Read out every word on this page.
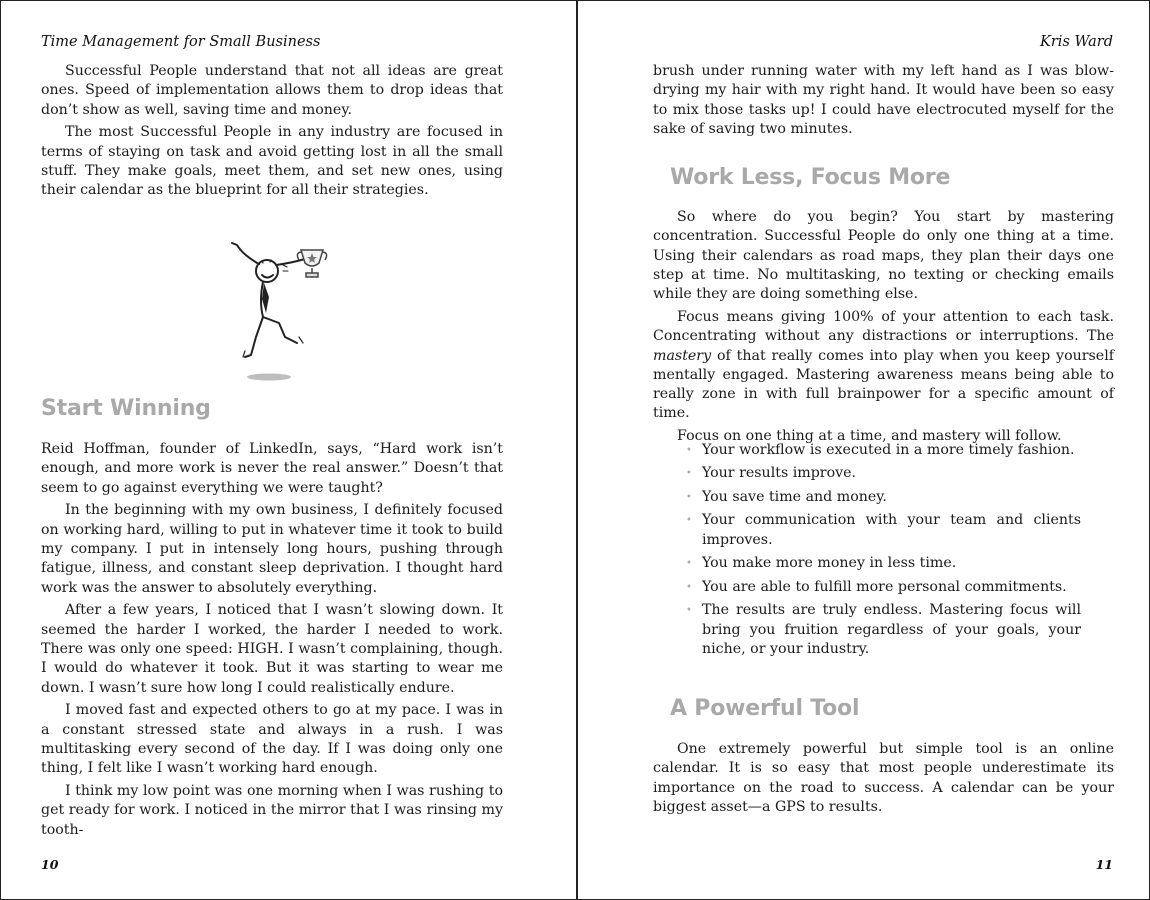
Time Management for Small Business

Successful People understand that not all ideas are great ones. Speed of implementation allows them to drop ideas that don’t show as well, saving time and money.

The most Successful People in any industry are focused in terms of staying on task and avoid getting lost in all the small stuff. They make goals, meet them, and set new ones, using their calendar as the blueprint for all their strategies.

Start Winning

Reid Hoffman, founder of LinkedIn, says, “Hard work isn’t enough, and more work is never the real answer.” Doesn’t that seem to go against everything we were taught?

In the beginning with my own business, I definitely focused on working hard, willing to put in whatever time it took to build my company. I put in intensely long hours, pushing through fatigue, illness, and constant sleep deprivation. I thought hard work was the answer to absolutely everything.

After a few years, I noticed that I wasn’t slowing down. It seemed the harder I worked, the harder I needed to work. There was only one speed: HIGH. I wasn’t complaining, though. I would do whatever it took. But it was starting to wear me down. I wasn’t sure how long I could realistically endure.

I moved fast and expected others to go at my pace. I was in a constant stressed state and always in a rush. I was multitasking every second of the day. If I was doing only one thing, I felt like I wasn’t working hard enough.

I think my low point was one morning when I was rushing to get ready for work. I noticed in the mirror that I was rinsing my tooth-

10
Kris Ward

brush under running water with my left hand as I was blow-drying my hair with my right hand. It would have been so easy to mix those tasks up! I could have electrocuted myself for the sake of saving two minutes.

Work Less, Focus More

So where do you begin? You start by mastering concentration. Successful People do only one thing at a time. Using their calendars as road maps, they plan their days one step at time. No multitasking, no texting or checking emails while they are doing something else.

Focus means giving 100% of your attention to each task. Concentrating without any distractions or interruptions. The mastery of that really comes into play when you keep yourself mentally engaged. Mastering awareness means being able to really zone in with full brainpower for a specific amount of time.

Focus on one thing at a time, and mastery will follow.

• Your workflow is executed in a more timely fashion.
• Your results improve.
• You save time and money.
• Your communication with your team and clients improves.
• You make more money in less time.
• You are able to fulfill more personal commitments.
• The results are truly endless. Mastering focus will bring you fruition regardless of your goals, your niche, or your industry.
A Powerful Tool

One extremely powerful but simple tool is an online calendar. It is so easy that most people underestimate its importance on the road to success. A calendar can be your biggest asset—a GPS to results.

11
